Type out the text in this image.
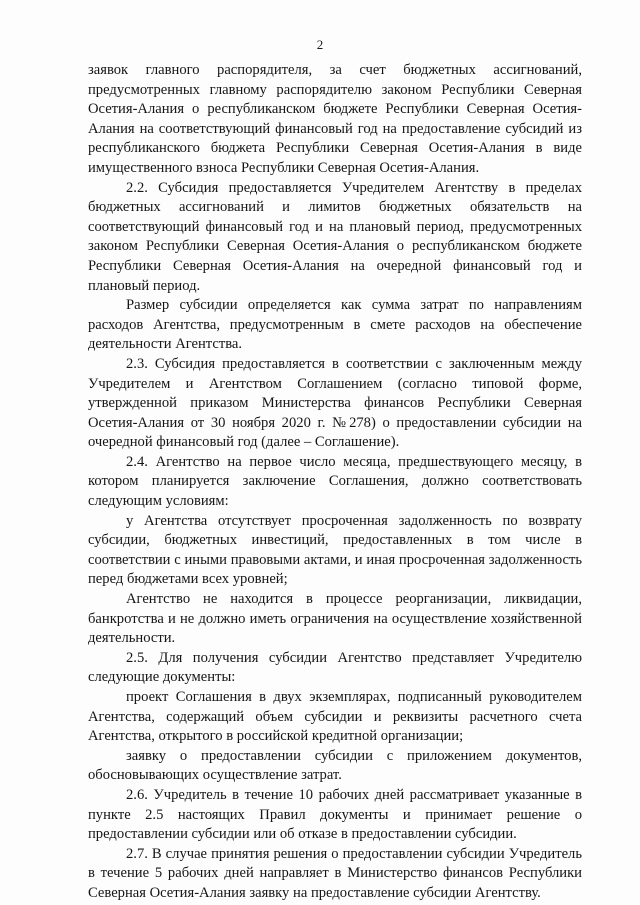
2

заявок главного распорядителя, за счет бюджетных ассигнований, предусмотренных главному распорядителю законом Республики Северная Осетия-Алания о республиканском бюджете Республики Северная Осетия-Алания на соответствующий финансовый год на предоставление субсидий из республиканского бюджета Республики Северная Осетия-Алания в виде имущественного взноса Республики Северная Осетия-Алания.

2.2. Субсидия предоставляется Учредителем Агентству в пределах бюджетных ассигнований и лимитов бюджетных обязательств на соответствующий финансовый год и на плановый период, предусмотренных законом Республики Северная Осетия-Алания о республиканском бюджете Республики Северная Осетия-Алания на очередной финансовый год и плановый период.

Размер субсидии определяется как сумма затрат по направлениям расходов Агентства, предусмотренным в смете расходов на обеспечение деятельности Агентства.

2.3. Субсидия предоставляется в соответствии с заключенным между Учредителем и Агентством Соглашением (согласно типовой форме, утвержденной приказом Министерства финансов Республики Северная Осетия-Алания от 30 ноября 2020 г. №278) о предоставлении субсидии на очередной финансовый год (далее – Соглашение).

2.4. Агентство на первое число месяца, предшествующего месяцу, в котором планируется заключение Соглашения, должно соответствовать следующим условиям:

у Агентства отсутствует просроченная задолженность по возврату субсидии, бюджетных инвестиций, предоставленных в том числе в соответствии с иными правовыми актами, и иная просроченная задолженность перед бюджетами всех уровней;

Агентство не находится в процессе реорганизации, ликвидации, банкротства и не должно иметь ограничения на осуществление хозяйственной деятельности.

2.5. Для получения субсидии Агентство представляет Учредителю следующие документы:

проект Соглашения в двух экземплярах, подписанный руководителем Агентства, содержащий объем субсидии и реквизиты расчетного счета Агентства, открытого в российской кредитной организации;

заявку о предоставлении субсидии с приложением документов, обосновывающих осуществление затрат.

2.6. Учредитель в течение 10 рабочих дней рассматривает указанные в пункте 2.5 настоящих Правил документы и принимает решение о предоставлении субсидии или об отказе в предоставлении субсидии.

2.7. В случае принятия решения о предоставлении субсидии Учредитель в течение 5 рабочих дней направляет в Министерство финансов Республики Северная Осетия-Алания заявку на предоставление субсидии Агентству.
